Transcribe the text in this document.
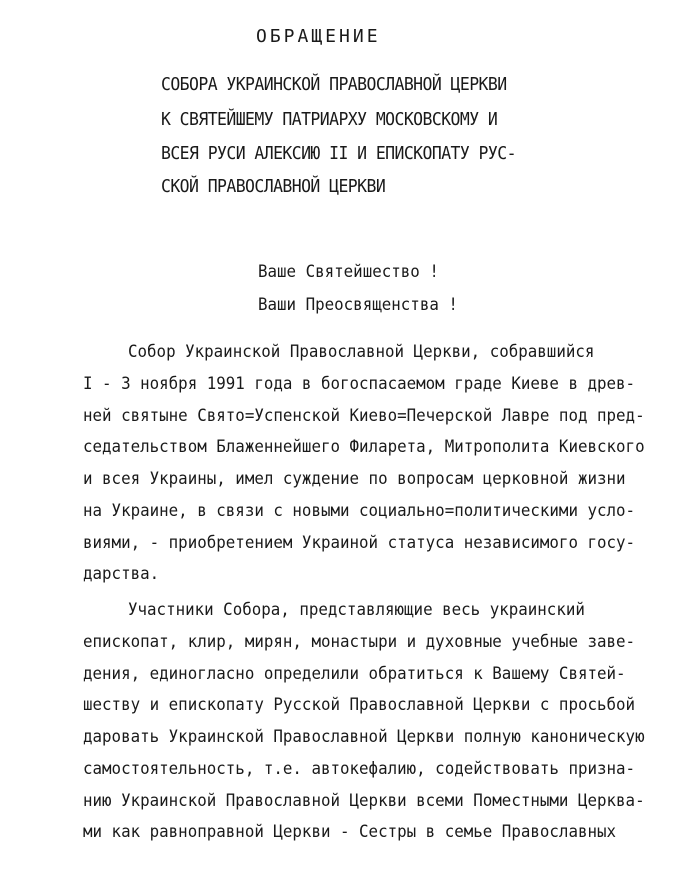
ОБРАЩЕНИЕ
СОБОРА УКРАИНСКОЙ ПРАВОСЛАВНОЙ ЦЕРКВИ
К СВЯТЕЙШЕМУ ПАТРИАРХУ МОСКОВСКОМУ И
ВСЕЯ РУСИ АЛЕКСИЮ II И ЕПИСКОПАТУ РУС-
СКОЙ ПРАВОСЛАВНОЙ ЦЕРКВИ
Ваше Святейшество !
Ваши Преосвященства !
Собор Украинской Православной Церкви, собравшийся
I - 3 ноября 1991 года в богоспасаемом граде Киеве в древ-
ней святыне Свято=Успенской Киево=Печерской Лавре под пред-
седательством Блаженнейшего Филарета, Митрополита Киевского
и всея Украины, имел суждение по вопросам церковной жизни
на Украине, в связи с новыми социально=политическими усло-
виями, - приобретением Украиной статуса независимого госу-
дарства.
Участники Собора, представляющие весь украинский
епископат, клир, мирян, монастыри и духовные учебные заве-
дения, единогласно определили обратиться к Вашему Святей-
шеству и епископату Русской Православной Церкви с просьбой
даровать Украинской Православной Церкви полную каноническую
самостоятельность, т.е. автокефалию, содействовать призна-
нию Украинской Православной Церкви всеми Поместными Церква-
ми как равноправной Церкви - Сестры в семье Православных
